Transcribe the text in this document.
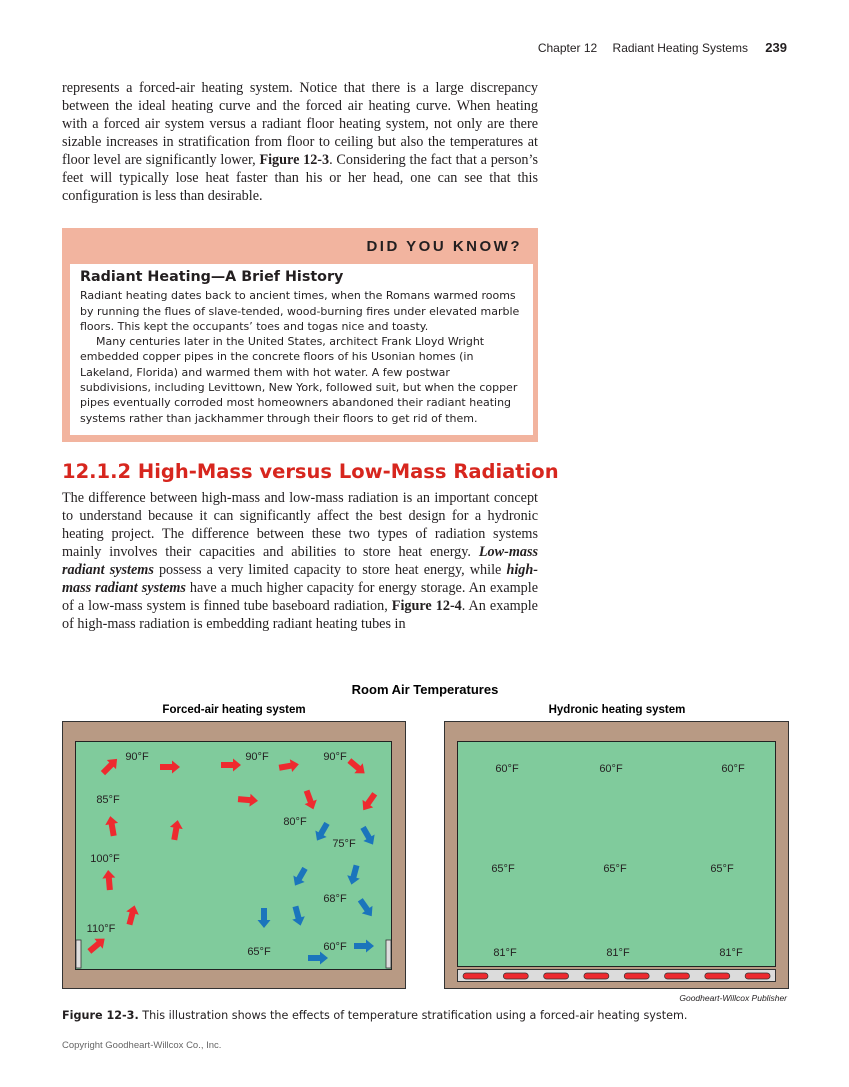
Chapter 12 Radiant Heating Systems 239

represents a forced-air heating system. Notice that there is a large discrepancy between the ideal heating curve and the forced air heating curve. When heating with a forced air system versus a radiant floor heating system, not only are there sizable increases in stratification from floor to ceiling but also the temperatures at floor level are significantly lower, Figure 12-3. Considering the fact that a person’s feet will typically lose heat faster than his or her head, one can see that this configuration is less than desirable.

DID YOU KNOW?
Radiant Heating—A Brief History

Radiant heating dates back to ancient times, when the Romans warmed rooms by running the flues of slave-tended, wood-burning fires under elevated marble floors. This kept the occupants’ toes and togas nice and toasty.

Many centuries later in the United States, architect Frank Lloyd Wright embedded copper pipes in the concrete floors of his Usonian homes (in Lakeland, Florida) and warmed them with hot water. A few postwar subdivisions, including Levittown, New York, followed suit, but when the copper pipes eventually corroded most homeowners abandoned their radiant heating systems rather than jackhammer through their floors to get rid of them.

12.1.2 High-Mass versus Low-Mass Radiation

The difference between high-mass and low-mass radiation is an important concept to understand because it can significantly affect the best design for a hydronic heating project. The difference between these two types of radiation systems mainly involves their capacities and abilities to store heat energy. Low-mass radiant systems possess a very limited capacity to store heat energy, while high-mass radiant systems have a much higher capacity for energy storage. An example of a low-mass system is finned tube baseboard radiation, Figure 12-4. An example of high-mass radiation is embedding radiant heating tubes in

Room Air Temperatures
Forced-air heating system	Hydronic heating system
90°F	90°F	90°F
85°F
80°F
75°F
100°F
68°F
110°F
65°F	60°F
60°F	60°F	60°F
65°F	65°F	65°F
81°F	81°F	81°F
Goodheart-Willcox Publisher
Figure 12-3. This illustration shows the effects of temperature stratification using a forced-air heating system.
Copyright Goodheart-Willcox Co., Inc.
